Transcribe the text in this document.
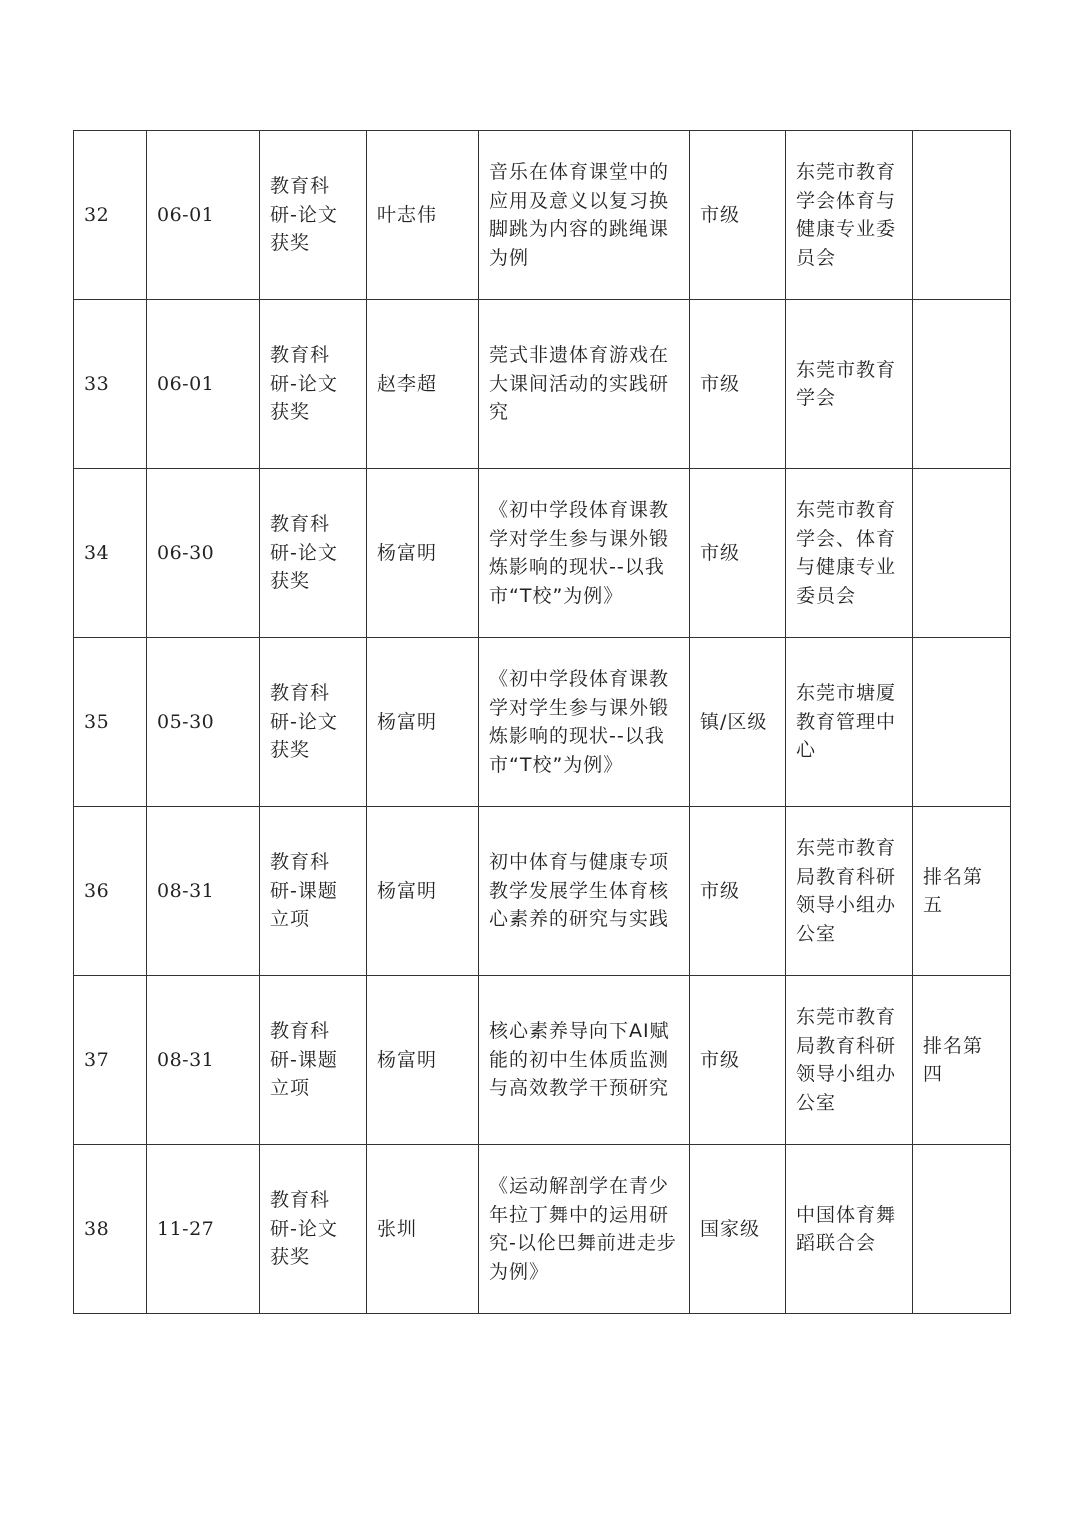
32	06-01	教育科研-论文获奖	叶志伟	音乐在体育课堂中的应用及意义以复习换脚跳为内容的跳绳课为例	市级	东莞市教育学会体育与健康专业委员会	
33	06-01	教育科研-论文获奖	赵李超	莞式非遗体育游戏在大课间活动的实践研究	市级	东莞市教育学会	
34	06-30	教育科研-论文获奖	杨富明	《初中学段体育课教学对学生参与课外锻炼影响的现状--以我市“T校”为例》	市级	东莞市教育学会、体育与健康专业委员会	
35	05-30	教育科研-论文获奖	杨富明	《初中学段体育课教学对学生参与课外锻炼影响的现状--以我市“T校”为例》	镇/区级	东莞市塘厦教育管理中心	
36	08-31	教育科研-课题立项	杨富明	初中体育与健康专项教学发展学生体育核心素养的研究与实践	市级	东莞市教育局教育科研领导小组办公室	排名第五
37	08-31	教育科研-课题立项	杨富明	核心素养导向下AI赋能的初中生体质监测与高效教学干预研究	市级	东莞市教育局教育科研领导小组办公室	排名第四
38	11-27	教育科研-论文获奖	张圳	《运动解剖学在青少年拉丁舞中的运用研究-以伦巴舞前进走步为例》	国家级	中国体育舞蹈联合会	
